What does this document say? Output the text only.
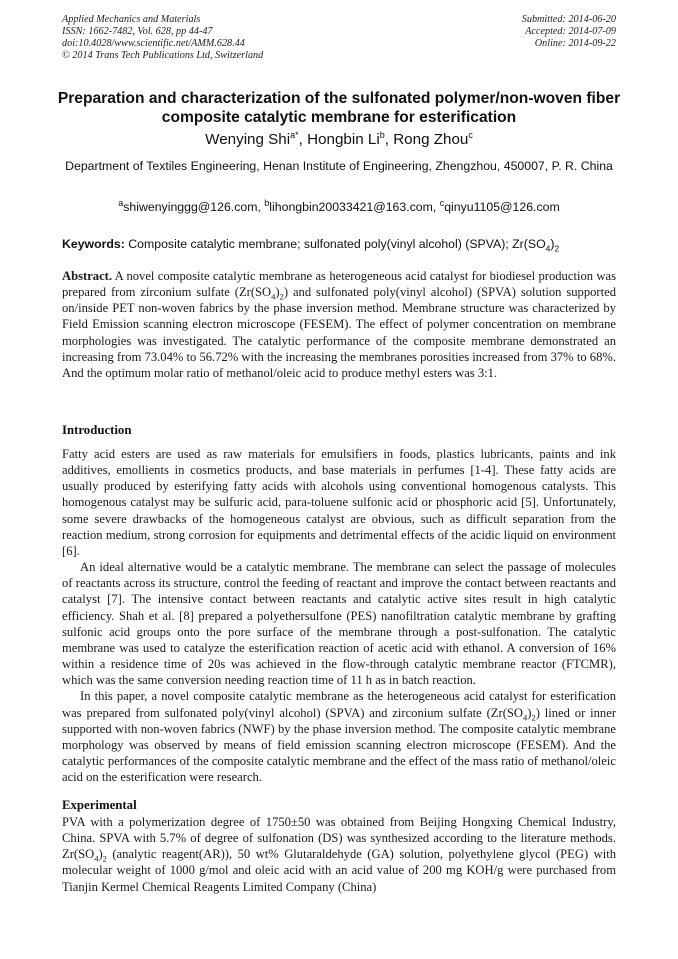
Applied Mechanics and Materials
ISSN: 1662-7482, Vol. 628, pp 44-47
doi:10.4028/www.scientific.net/AMM.628.44
© 2014 Trans Tech Publications Ltd, Switzerland
Submitted: 2014-06-20
Accepted: 2014-07-09
Online: 2014-09-22
Preparation and characterization of the sulfonated polymer/non-woven fiber composite catalytic membrane for esterification
Wenying Shi$^{a*}$, Hongbin Li$^b$, Rong Zhou$^c$
Department of Textiles Engineering, Henan Institute of Engineering, Zhengzhou, 450007, P. R. China
$^a$shiwenyinggg@126.com, $^b$lihongbin20033421@163.com, $^c$qinyu1105@126.com
Keywords: Composite catalytic membrane; sulfonated poly(vinyl alcohol) (SPVA); $Zr(SO_4)_2$

Abstract. A novel composite catalytic membrane as heterogeneous acid catalyst for biodiesel production was prepared from zirconium sulfate $(Zr(SO_4)_2)$ and sulfonated poly(vinyl alcohol) (SPVA) solution supported on/inside PET non-woven fabrics by the phase inversion method. Membrane structure was characterized by Field Emission scanning electron microscope (FESEM). The effect of polymer concentration on membrane morphologies was investigated. The catalytic performance of the composite membrane demonstrated an increasing from 73.04% to 56.72% with the increasing the membranes porosities increased from 37% to 68%. And the optimum molar ratio of methanol/oleic acid to produce methyl esters was 3:1.

Introduction

Fatty acid esters are used as raw materials for emulsifiers in foods, plastics lubricants, paints and ink additives, emollients in cosmetics products, and base materials in perfumes [1-4]. These fatty acids are usually produced by esterifying fatty acids with alcohols using conventional homogenous catalysts. This homogenous catalyst may be sulfuric acid, para-toluene sulfonic acid or phosphoric acid [5]. Unfortunately, some severe drawbacks of the homogeneous catalyst are obvious, such as difficult separation from the reaction medium, strong corrosion for equipments and detrimental effects of the acidic liquid on environment [6].

An ideal alternative would be a catalytic membrane. The membrane can select the passage of molecules of reactants across its structure, control the feeding of reactant and improve the contact between reactants and catalyst [7]. The intensive contact between reactants and catalytic active sites result in high catalytic efficiency. Shah et al. [8] prepared a polyethersulfone (PES) nanofiltration catalytic membrane by grafting sulfonic acid groups onto the pore surface of the membrane through a post-sulfonation. The catalytic membrane was used to catalyze the esterification reaction of acetic acid with ethanol. A conversion of 16% within a residence time of 20s was achieved in the flow-through catalytic membrane reactor (FTCMR), which was the same conversion needing reaction time of 11 h as in batch reaction.

In this paper, a novel composite catalytic membrane as the heterogeneous acid catalyst for esterification was prepared from sulfonated poly(vinyl alcohol) (SPVA) and zirconium sulfate $(Zr(SO_4)_2)$ lined or inner supported with non-woven fabrics (NWF) by the phase inversion method. The composite catalytic membrane morphology was observed by means of field emission scanning electron microscope (FESEM). And the catalytic performances of the composite catalytic membrane and the effect of the mass ratio of methanol/oleic acid on the esterification were research.

Experimental

PVA with a polymerization degree of 1750±50 was obtained from Beijing Hongxing Chemical Industry, China. SPVA with 5.7% of degree of sulfonation (DS) was synthesized according to the literature methods. $Zr(SO_4)_2$ (analytic reagent(AR)), 50 wt% Glutaraldehyde (GA) solution, polyethylene glycol (PEG) with molecular weight of 1000 g/mol and oleic acid with an acid value of 200 mg KOH/g were purchased from Tianjin Kermel Chemical Reagents Limited Company (China)
